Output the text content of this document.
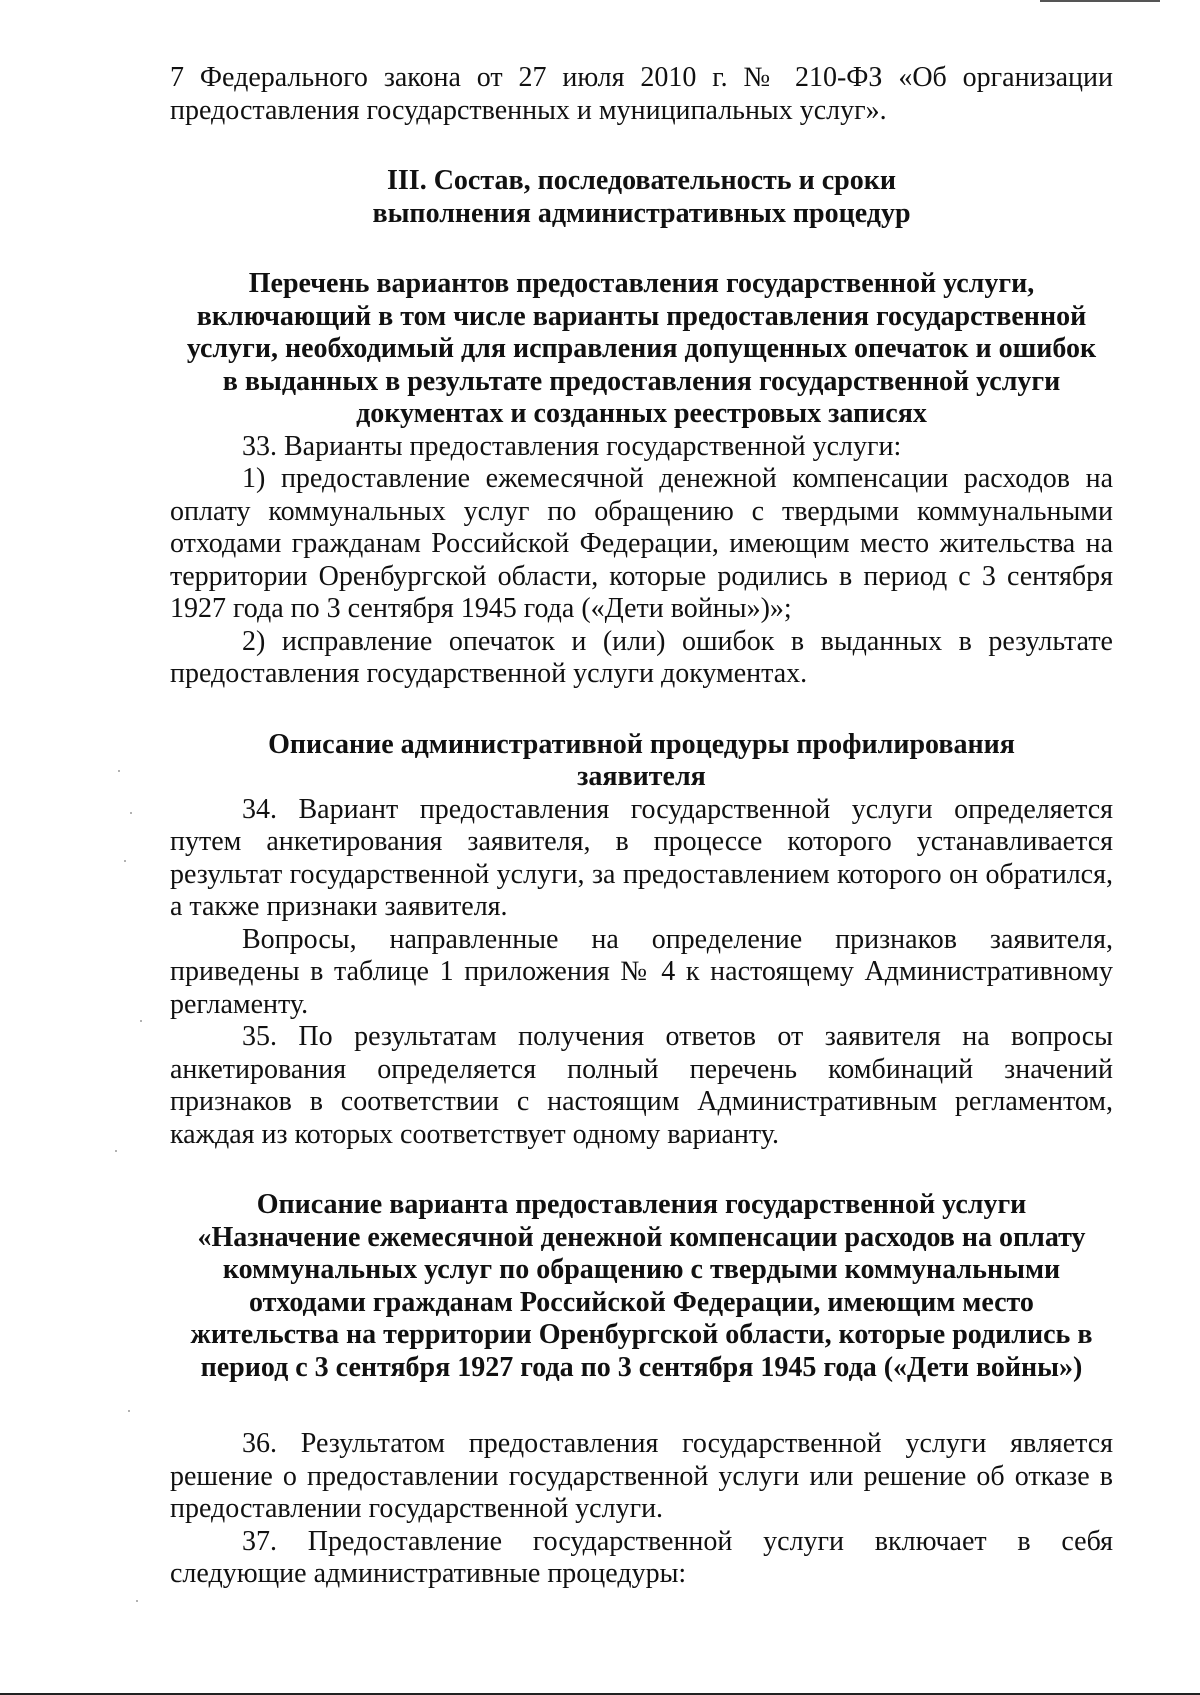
7 Федерального закона от 27 июля 2010 г. № 210-ФЗ «Об организации

предоставления государственных и муниципальных услуг».

III. Состав, последовательность и сроки
выполнения административных процедур
Перечень вариантов предоставления государственной услуги,
включающий в том числе варианты предоставления государственной
услуги, необходимый для исправления допущенных опечаток и ошибок
в выданных в результате предоставления государственной услуги
документах и созданных реестровых записях

33. Варианты предоставления государственной услуги:

1) предоставление ежемесячной денежной компенсации расходов на оплату коммунальных услуг по обращению с твердыми коммунальными отходами гражданам Российской Федерации, имеющим место жительства на территории Оренбургской области, которые родились в период с 3 сентября 1927 года по 3 сентября 1945 года («Дети войны»)»;

2) исправление опечаток и (или) ошибок в выданных в результате предоставления государственной услуги документах.

Описание административной процедуры профилирования
заявителя

34. Вариант предоставления государственной услуги определяется путем анкетирования заявителя, в процессе которого устанавливается результат государственной услуги, за предоставлением которого он обратился, а также признаки заявителя.

Вопросы, направленные на определение признаков заявителя, приведены в таблице 1 приложения № 4 к настоящему Административному регламенту.

35. По результатам получения ответов от заявителя на вопросы анкетирования определяется полный перечень комбинаций значений признаков в соответствии с настоящим Административным регламентом, каждая из которых соответствует одному варианту.

Описание варианта предоставления государственной услуги
«Назначение ежемесячной денежной компенсации расходов на оплату
коммунальных услуг по обращению с твердыми коммунальными
отходами гражданам Российской Федерации, имеющим место
жительства на территории Оренбургской области, которые родились в
период с 3 сентября 1927 года по 3 сентября 1945 года («Дети войны»)

36. Результатом предоставления государственной услуги является решение о предоставлении государственной услуги или решение об отказе в предоставлении государственной услуги.

37. Предоставление государственной услуги включает в себя следующие административные процедуры:
